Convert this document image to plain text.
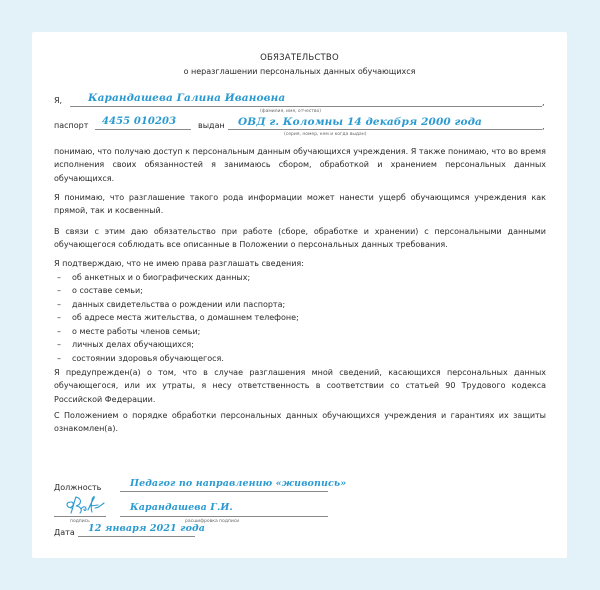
ОБЯЗАТЕЛЬСТВО
о неразглашении персональных данных обучающихся
Я, Карандашева Галина Ивановна	,
(фамилия, имя, отчество)
паспорт 4455 010203	выдан ОВД г. Коломны 14 декабря 2000 года	,
(серия, номер, кем и когда выдан)

понимаю, что получаю доступ к персональным данным обучающихся учреждения. Я также понимаю, что во время исполнения своих обязанностей я занимаюсь сбором, обработкой и хранением персональных данных обучающихся.

Я понимаю, что разглашение такого рода информации может нанести ущерб обучающимся учреждения как прямой, так и косвенный.

В связи с этим даю обязательство при работе (сборе, обработке и хранении) с персональными данными обучающегося соблюдать все описанные в Положении о персональных данных требования.

Я подтверждаю, что не имею права разглашать сведения:
–	об анкетных и о биографических данных;
–	о составе семьи;
–	данных свидетельства о рождении или паспорта;
–	об адресе места жительства, о домашнем телефоне;
–	о месте работы членов семьи;
–	личных делах обучающихся;
–	состоянии здоровья обучающегося.

Я предупрежден(а) о том, что в случае разглашения мной сведений, касающихся персональных данных обучающегося, или их утраты, я несу ответственность в соответствии со статьей 90 Трудового кодекса Российской Федерации.

С Положением о порядке обработки персональных данных обучающихся учреждения и гарантиях их защиты ознакомлен(а).

Должность	Педагог по направлению «живопись»
Карандашева Г.И.
подпись	расшифровка подписи
Дата 12 января 2021 года
